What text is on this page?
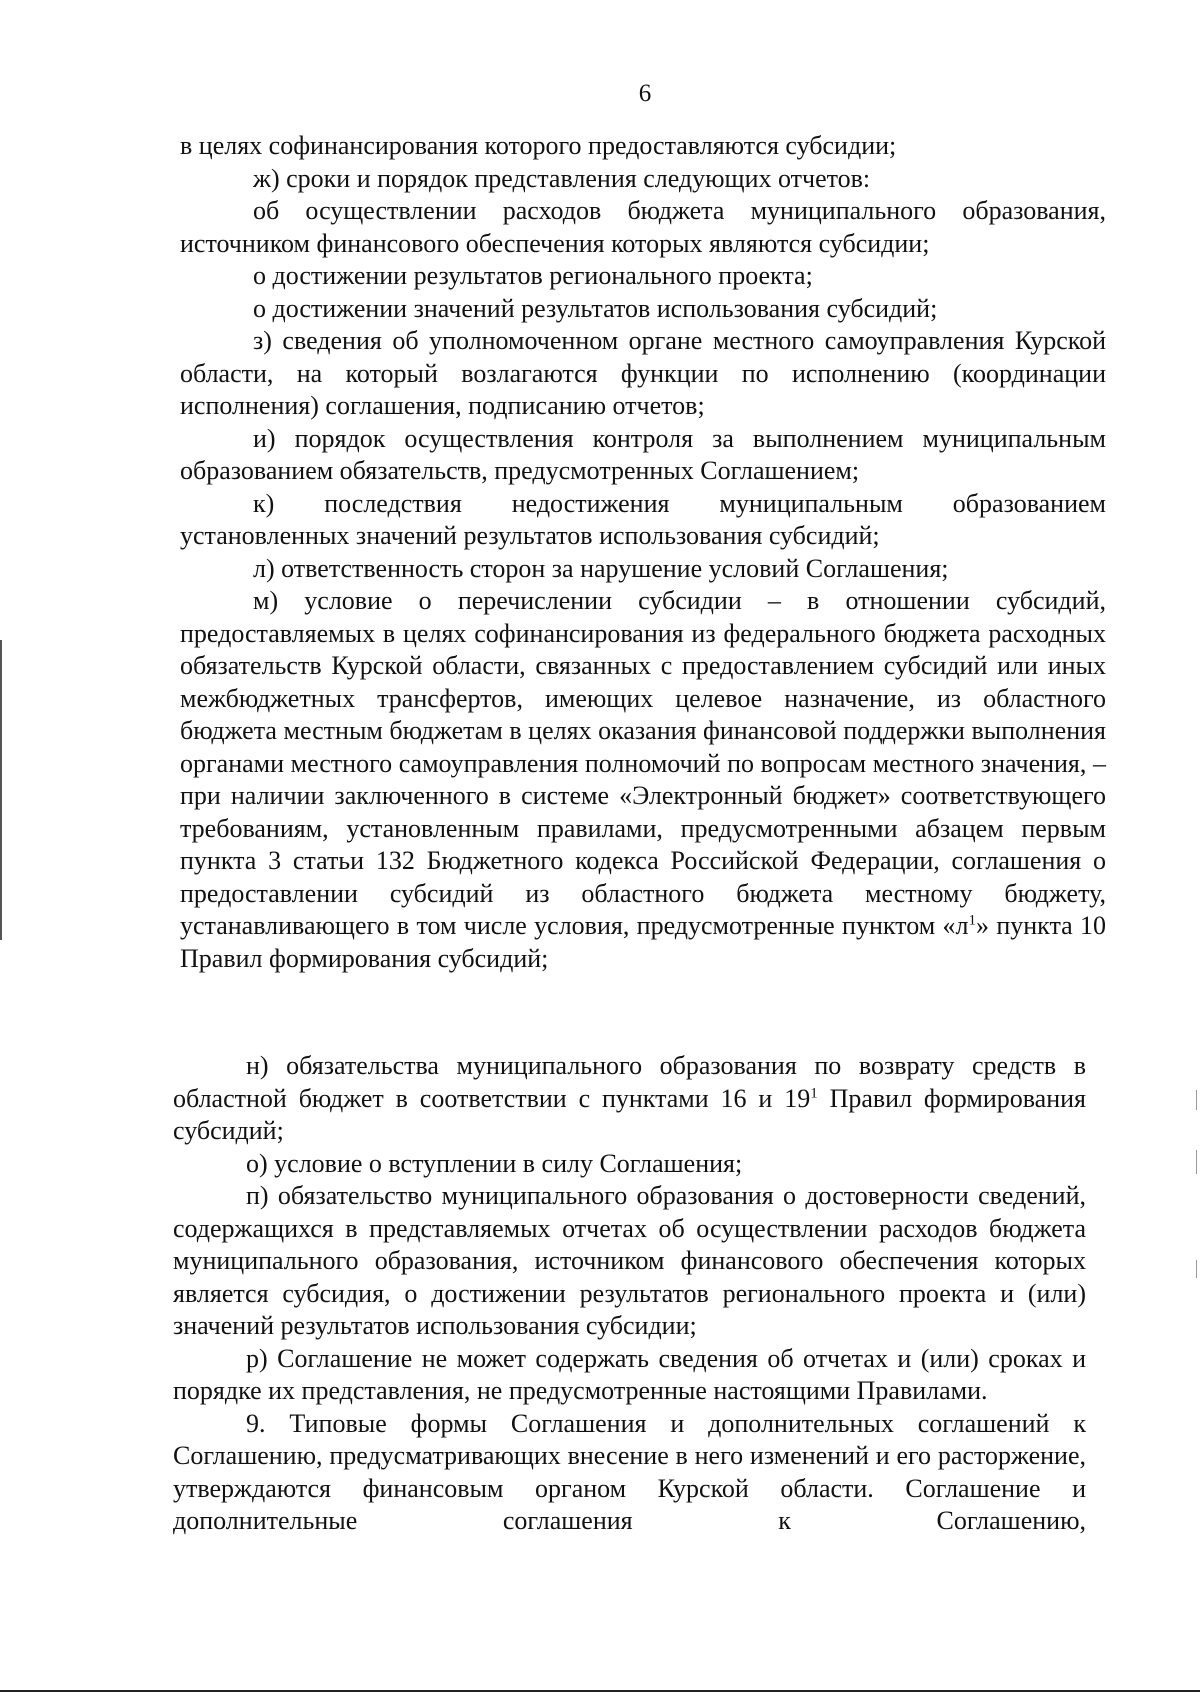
6

в целях софинансирования которого предоставляются субсидии;

ж) сроки и порядок представления следующих отчетов:

об осуществлении расходов бюджета муниципального образования, источником финансового обеспечения которых являются субсидии;

о достижении результатов регионального проекта;

о достижении значений результатов использования субсидий;

з) сведения об уполномоченном органе местного самоуправления Курской области, на который возлагаются функции по исполнению (координации исполнения) соглашения, подписанию отчетов;

и) порядок осуществления контроля за выполнением муниципальным образованием обязательств, предусмотренных Соглашением;

к) последствия недостижения муниципальным образованием установленных значений результатов использования субсидий;

л) ответственность сторон за нарушение условий Соглашения;

м) условие о перечислении субсидии – в отношении субсидий, предоставляемых в целях софинансирования из федерального бюджета расходных обязательств Курской области, связанных с предоставлением субсидий или иных межбюджетных трансфертов, имеющих целевое назначение, из областного бюджета местным бюджетам в целях оказания финансовой поддержки выполнения органами местного самоуправления полномочий по вопросам местного значения, – при наличии заключенного в системе «Электронный бюджет» соответствующего требованиям, установленным правилами, предусмотренными абзацем первым пункта 3 статьи 132 Бюджетного кодекса Российской Федерации, соглашения о предоставлении субсидий из областного бюджета местному бюджету, устанавливающего в том числе условия, предусмотренные пунктом «$л^1$» пункта 10 Правил формирования субсидий;

н) обязательства муниципального образования по возврату средств в областной бюджет в соответствии с пунктами 16 и $19^1$ Правил формирования субсидий;

о) условие о вступлении в силу Соглашения;

п) обязательство муниципального образования о достоверности сведений, содержащихся в представляемых отчетах об осуществлении расходов бюджета муниципального образования, источником финансового обеспечения которых является субсидия, о достижении результатов регионального проекта и (или) значений результатов использования субсидии;

р) Соглашение не может содержать сведения об отчетах и (или) сроках и порядке их представления, не предусмотренные настоящими Правилами.

9. Типовые формы Соглашения и дополнительных соглашений к Соглашению, предусматривающих внесение в него изменений и его расторжение, утверждаются финансовым органом Курской области. Соглашение и дополнительные соглашения к Соглашению,
